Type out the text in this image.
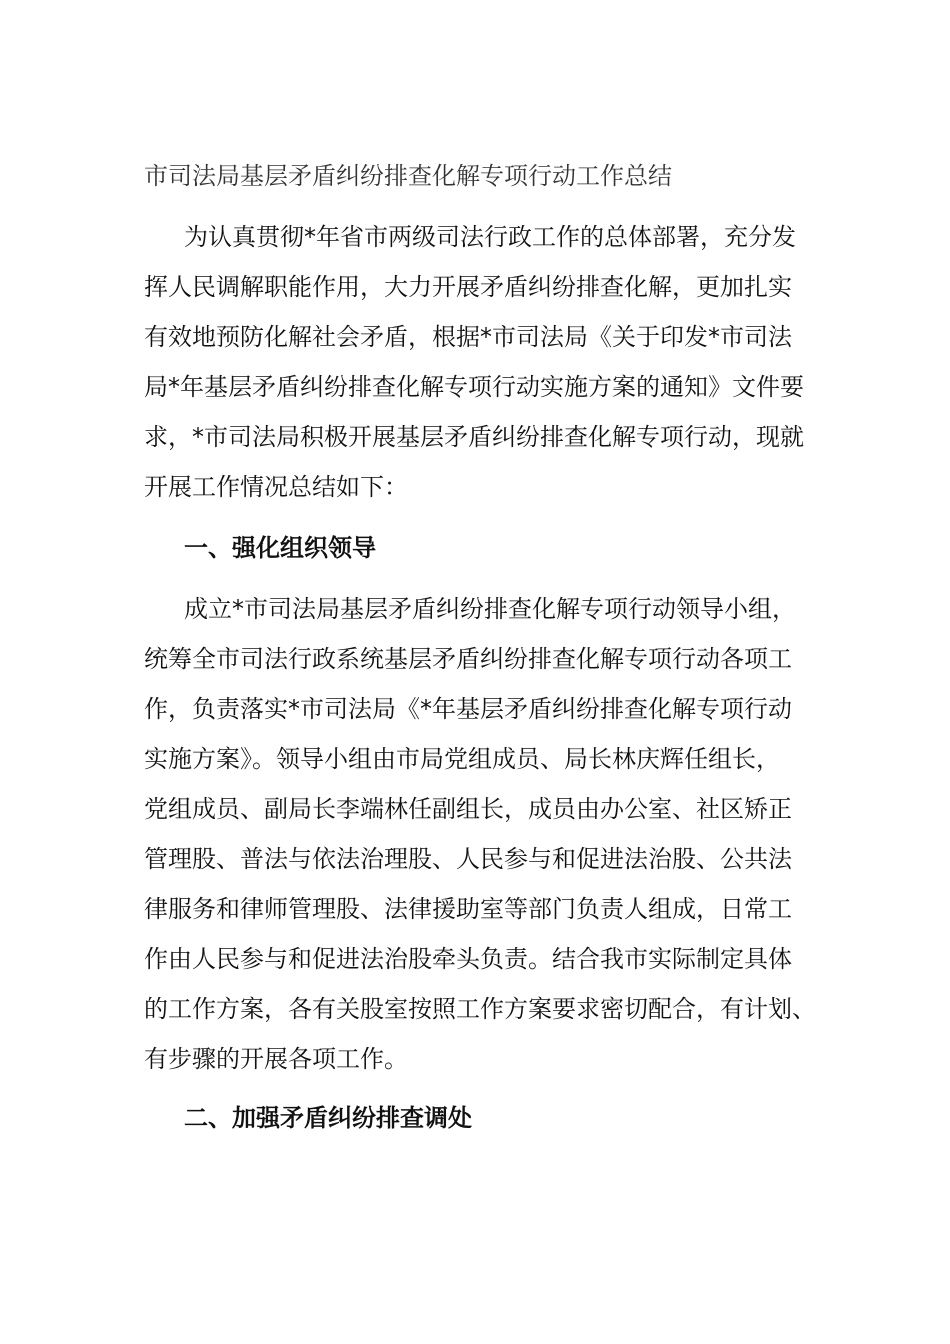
市司法局基层矛盾纠纷排查化解专项行动工作总结
为认真贯彻*年省市两级司法行政工作的总体部署，充分发
挥人民调解职能作用，大力开展矛盾纠纷排查化解，更加扎实
有效地预防化解社会矛盾，根据*市司法局《关于印发*市司法
局*年基层矛盾纠纷排查化解专项行动实施方案的通知》文件要
求，*市司法局积极开展基层矛盾纠纷排查化解专项行动，现就
开展工作情况总结如下：
一、强化组织领导
成立*市司法局基层矛盾纠纷排查化解专项行动领导小组，
统筹全市司法行政系统基层矛盾纠纷排查化解专项行动各项工
作，负责落实*市司法局《*年基层矛盾纠纷排查化解专项行动
实施方案》。领导小组由市局党组成员、局长林庆辉任组长，
党组成员、副局长李端林任副组长，成员由办公室、社区矫正
管理股、普法与依法治理股、人民参与和促进法治股、公共法
律服务和律师管理股、法律援助室等部门负责人组成，日常工
作由人民参与和促进法治股牵头负责。结合我市实际制定具体
的工作方案，各有关股室按照工作方案要求密切配合，有计划、
有步骤的开展各项工作。
二、加强矛盾纠纷排查调处
